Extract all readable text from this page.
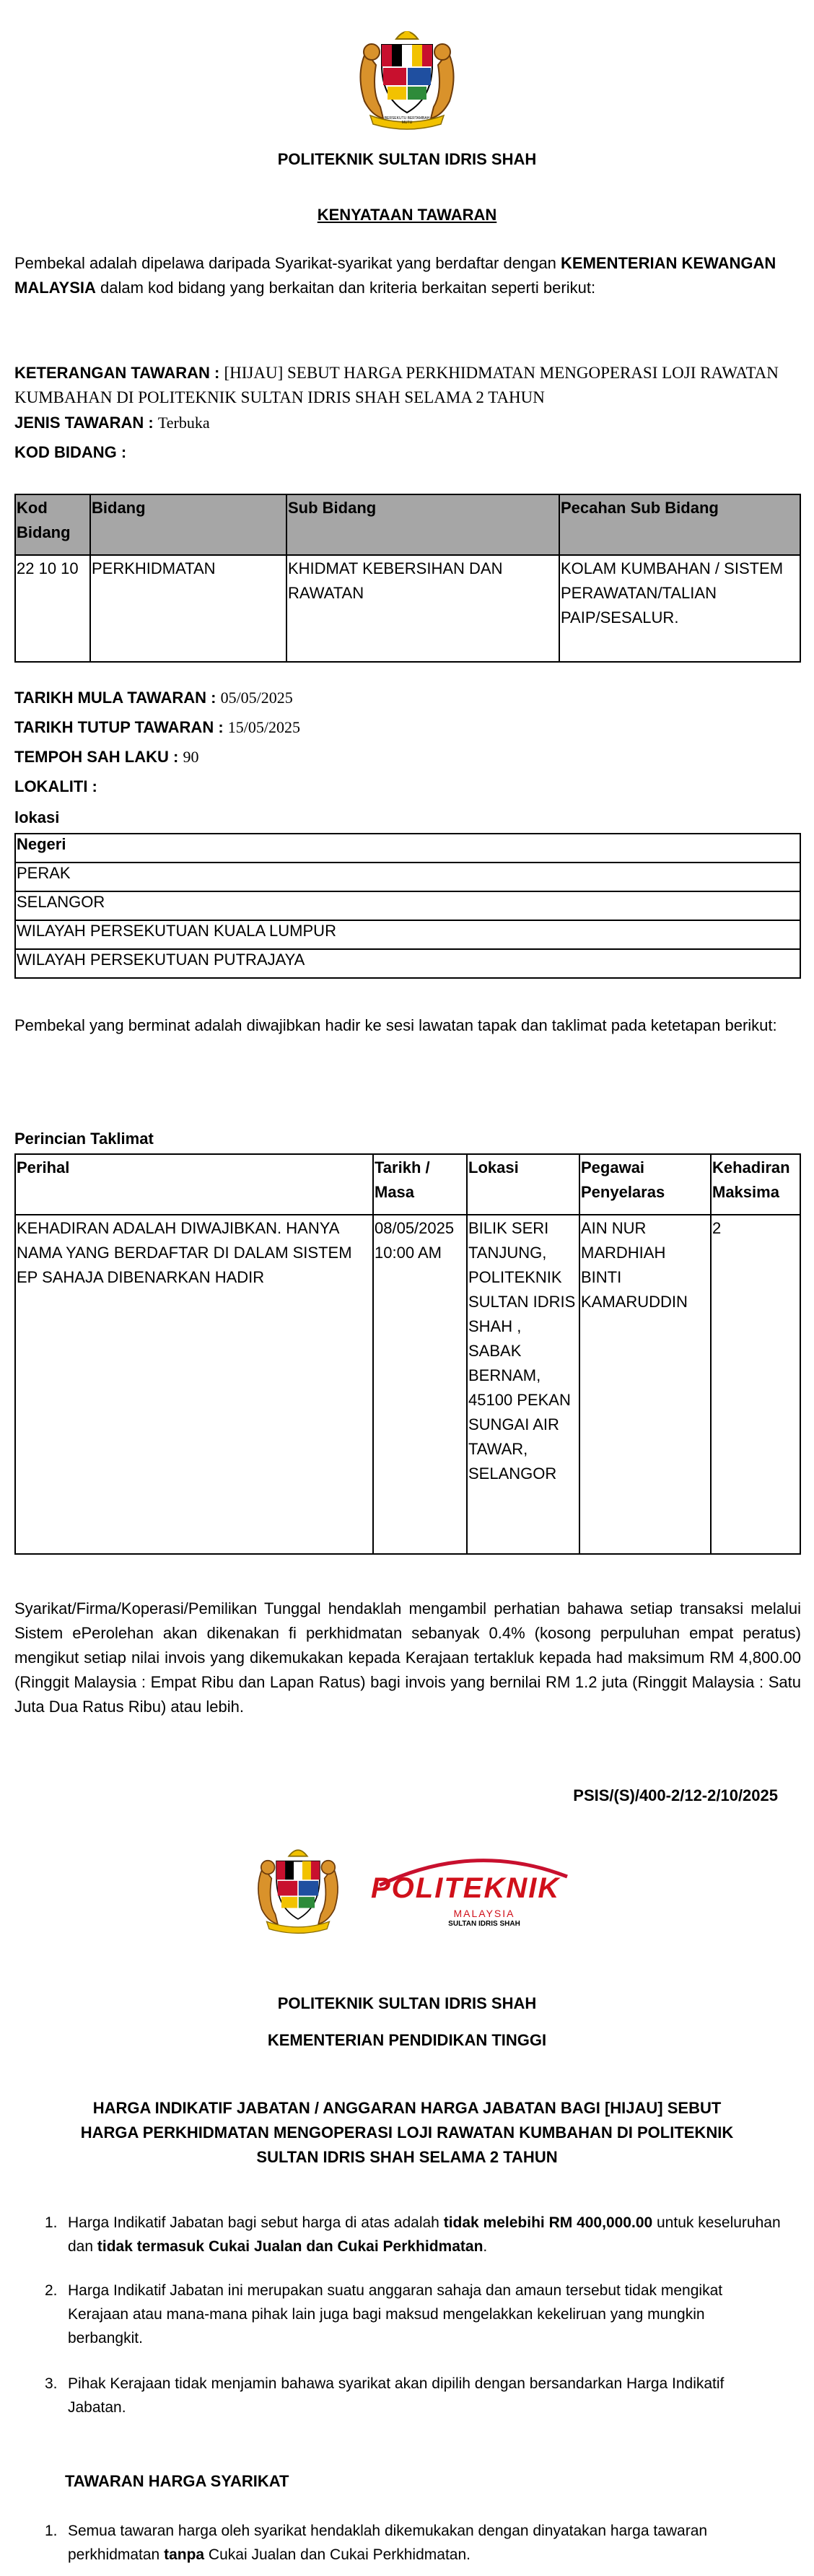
BERSEKUTU BERTAMBAH MUTU
POLITEKNIK SULTAN IDRIS SHAH
KENYATAAN TAWARAN

Pembekal adalah dipelawa daripada Syarikat-syarikat yang berdaftar dengan KEMENTERIAN KEWANGAN MALAYSIA dalam kod bidang yang berkaitan dan kriteria berkaitan seperti berikut:

KETERANGAN TAWARAN : [HIJAU] SEBUT HARGA PERKHIDMATAN MENGOPERASI LOJI RAWATAN KUMBAHAN DI POLITEKNIK SULTAN IDRIS SHAH SELAMA 2 TAHUN

JENIS TAWARAN : Terbuka

KOD BIDANG :

Kod Bidang	Bidang	Sub Bidang	Pecahan Sub Bidang
22 10 10	PERKHIDMATAN	KHIDMAT KEBERSIHAN DAN RAWATAN	KOLAM KUMBAHAN / SISTEM PERAWATAN/TALIAN PAIP/SESALUR.

TARIKH MULA TAWARAN : 05/05/2025

TARIKH TUTUP TAWARAN : 15/05/2025

TEMPOH SAH LAKU : 90

LOKALITI :

lokasi

Negeri
PERAK
SELANGOR
WILAYAH PERSEKUTUAN KUALA LUMPUR
WILAYAH PERSEKUTUAN PUTRAJAYA

Pembekal yang berminat adalah diwajibkan hadir ke sesi lawatan tapak dan taklimat pada ketetapan berikut:

Perincian Taklimat

Perihal	Tarikh / Masa	Lokasi	Pegawai Penyelaras	Kehadiran Maksima
KEHADIRAN ADALAH DIWAJIBKAN. HANYA NAMA YANG BERDAFTAR DI DALAM SISTEM EP SAHAJA DIBENARKAN HADIR	08/05/2025 10:00 AM	BILIK SERI TANJUNG, POLITEKNIK SULTAN IDRIS SHAH , SABAK BERNAM, 45100 PEKAN SUNGAI AIR TAWAR, SELANGOR	AIN NUR MARDHIAH BINTI KAMARUDDIN	2

Syarikat/Firma/Koperasi/Pemilikan Tunggal hendaklah mengambil perhatian bahawa setiap transaksi melalui Sistem ePerolehan akan dikenakan fi perkhidmatan sebanyak 0.4% (kosong perpuluhan empat peratus) mengikut setiap nilai invois yang dikemukakan kepada Kerajaan tertakluk kepada had maksimum RM 4,800.00 (Ringgit Malaysia : Empat Ribu dan Lapan Ratus) bagi invois yang bernilai RM 1.2 juta (Ringgit Malaysia : Satu Juta Dua Ratus Ribu) atau lebih.

PSIS/(S)/400-2/12-2/10/2025

POLITEKNIK
MALAYSIA
SULTAN IDRIS SHAH
POLITEKNIK SULTAN IDRIS SHAH
KEMENTERIAN PENDIDIKAN TINGGI
HARGA INDIKATIF JABATAN / ANGGARAN HARGA JABATAN BAGI [HIJAU] SEBUT HARGA PERKHIDMATAN MENGOPERASI LOJI RAWATAN KUMBAHAN DI POLITEKNIK SULTAN IDRIS SHAH SELAMA 2 TAHUN
1. Harga Indikatif Jabatan bagi sebut harga di atas adalah tidak melebihi RM 400,000.00 untuk keseluruhan dan tidak termasuk Cukai Jualan dan Cukai Perkhidmatan.

2. Harga Indikatif Jabatan ini merupakan suatu anggaran sahaja dan amaun tersebut tidak mengikat Kerajaan atau mana-mana pihak lain juga bagi maksud mengelakkan kekeliruan yang mungkin berbangkit.

3. Pihak Kerajaan tidak menjamin bahawa syarikat akan dipilih dengan bersandarkan Harga Indikatif Jabatan.

TAWARAN HARGA SYARIKAT
1. Semua tawaran harga oleh syarikat hendaklah dikemukakan dengan dinyatakan harga tawaran perkhidmatan tanpa Cukai Jualan dan Cukai Perkhidmatan.
